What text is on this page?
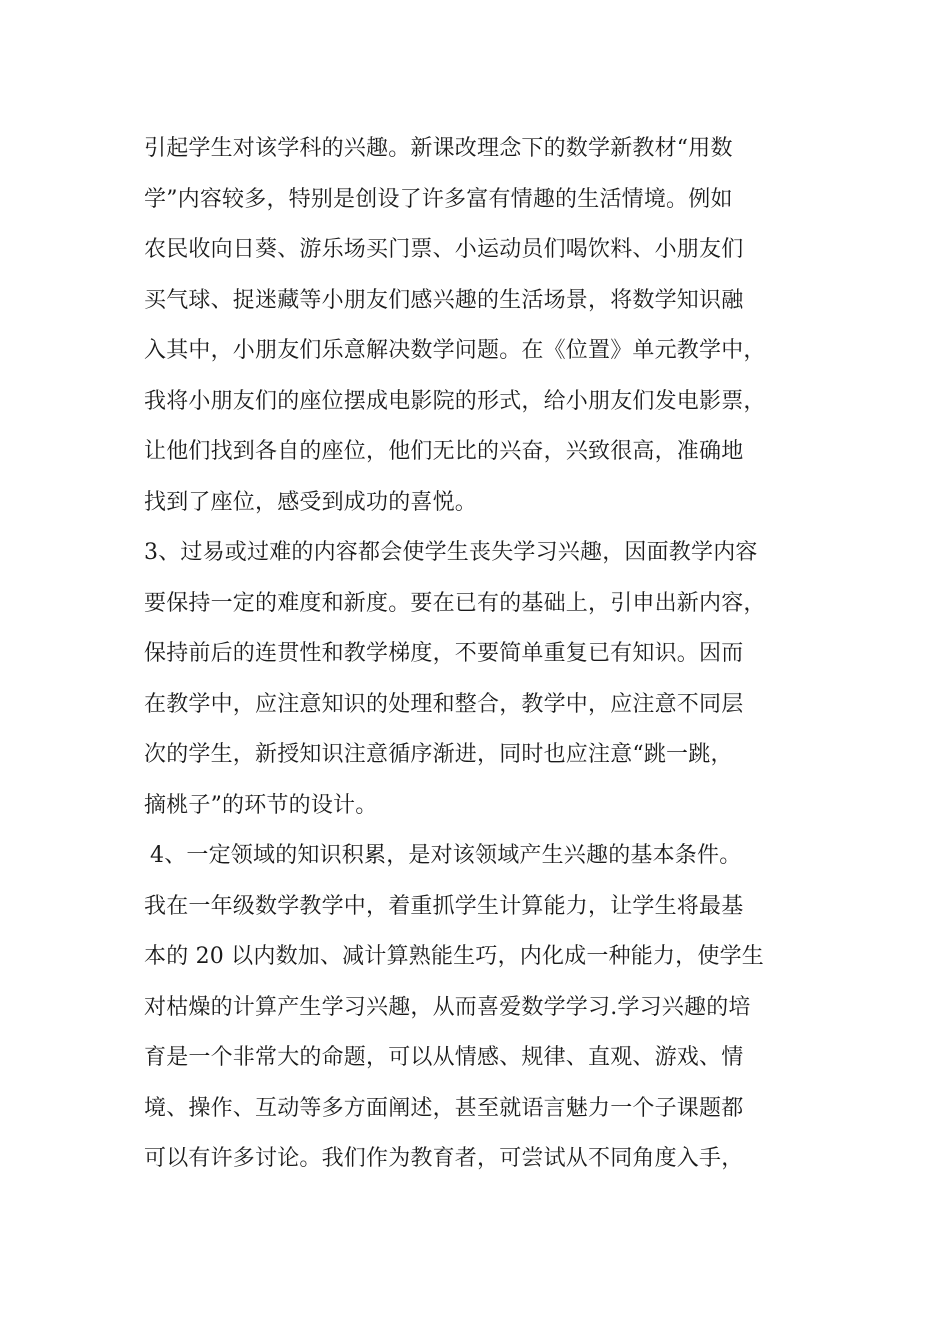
引起学生对该学科的兴趣。新课改理念下的数学新教材“用数
学”内容较多，特别是创设了许多富有情趣的生活情境。例如
农民收向日葵、游乐场买门票、小运动员们喝饮料、小朋友们
买气球、捉迷藏等小朋友们感兴趣的生活场景，将数学知识融
入其中，小朋友们乐意解决数学问题。在《位置》单元教学中，
我将小朋友们的座位摆成电影院的形式，给小朋友们发电影票，
让他们找到各自的座位，他们无比的兴奋，兴致很高，准确地
找到了座位，感受到成功的喜悦。
3、过易或过难的内容都会使学生丧失学习兴趣，因面教学内容
要保持一定的难度和新度。要在已有的基础上，引申出新内容，
保持前后的连贯性和教学梯度，不要简单重复已有知识。因而
在教学中，应注意知识的处理和整合，教学中，应注意不同层
次的学生，新授知识注意循序渐进，同时也应注意“跳一跳，
摘桃子”的环节的设计。
4、一定领域的知识积累，是对该领域产生兴趣的基本条件。
我在一年级数学教学中，着重抓学生计算能力，让学生将最基
本的 20 以内数加、减计算熟能生巧，内化成一种能力，使学生
对枯燥的计算产生学习兴趣，从而喜爱数学学习.学习兴趣的培
育是一个非常大的命题，可以从情感、规律、直观、游戏、情
境、操作、互动等多方面阐述，甚至就语言魅力一个子课题都
可以有许多讨论。我们作为教育者，可尝试从不同角度入手，
